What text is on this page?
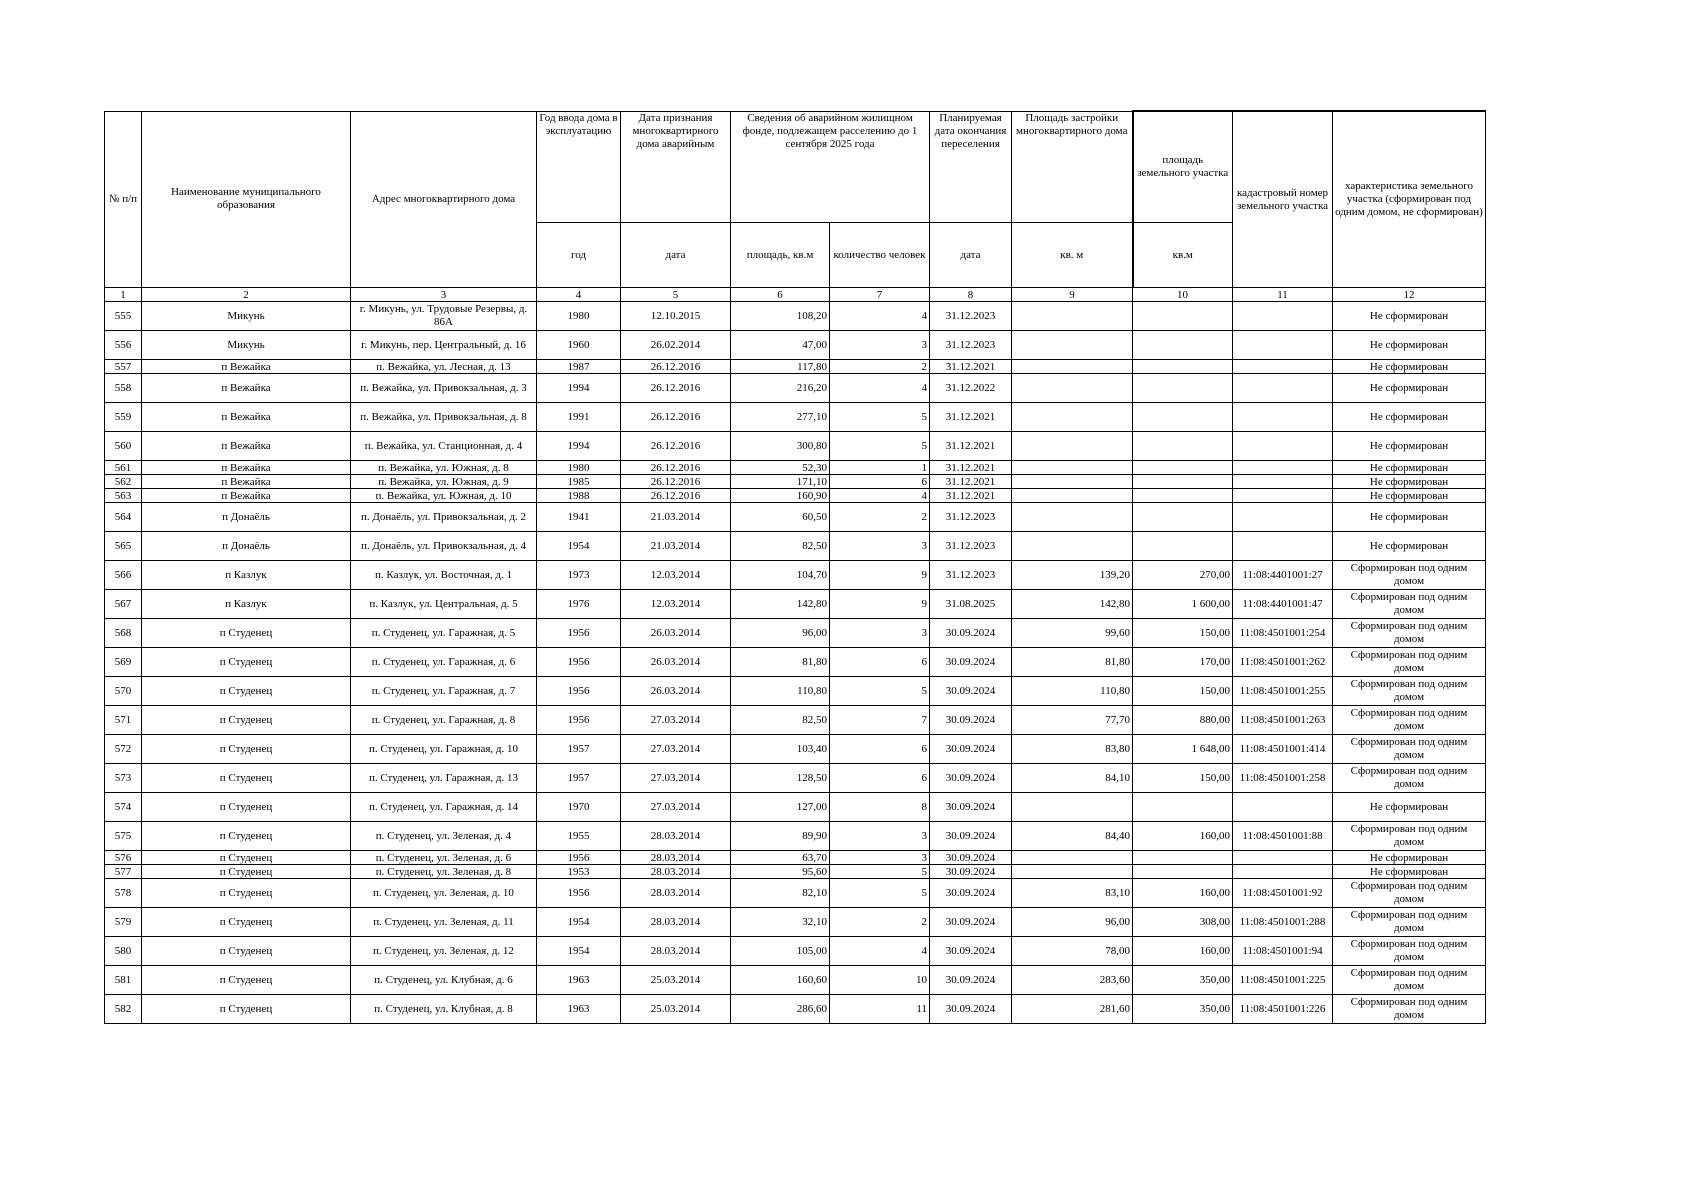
№ п/п	Наименование муниципального образования	Адрес многоквартирного дома	Год ввода дома в эксплуатацию	Дата признания многоквартирного дома аварийным	Сведения об аварийном жилищном фонде, подлежащем расселению до 1 сентября 2025 года		Планируемая дата окончания переселения	Площадь застройки многоквартирного дома	площадь земельного участка	кадастровый номер земельного участка	характеристика земельного участка (сформирован под одним домом, не сформирован)
			год	дата	площадь, кв.м	количество человек	дата	кв. м	кв.м		
1	2	3	4	5	6	7	8	9	10	11	12
555	Микунь	г. Микунь, ул. Трудовые Резервы, д. 86А	1980	12.10.2015	108,20	4	31.12.2023				Не сформирован
556	Микунь	г. Микунь, пер. Центральный, д. 16	1960	26.02.2014	47,00	3	31.12.2023				Не сформирован
557	п Вежайка	п. Вежайка, ул. Лесная, д. 13	1987	26.12.2016	117,80	2	31.12.2021				Не сформирован
558	п Вежайка	п. Вежайка, ул. Привокзальная, д. 3	1994	26.12.2016	216,20	4	31.12.2022				Не сформирован
559	п Вежайка	п. Вежайка, ул. Привокзальная, д. 8	1991	26.12.2016	277,10	5	31.12.2021				Не сформирован
560	п Вежайка	п. Вежайка, ул. Станционная, д. 4	1994	26.12.2016	300,80	5	31.12.2021				Не сформирован
561	п Вежайка	п. Вежайка, ул. Южная, д. 8	1980	26.12.2016	52,30	1	31.12.2021				Не сформирован
562	п Вежайка	п. Вежайка, ул. Южная, д. 9	1985	26.12.2016	171,10	6	31.12.2021				Не сформирован
563	п Вежайка	п. Вежайка, ул. Южная, д. 10	1988	26.12.2016	160,90	4	31.12.2021				Не сформирован
564	п Донаёль	п. Донаёль, ул. Привокзальная, д. 2	1941	21.03.2014	60,50	2	31.12.2023				Не сформирован
565	п Донаёль	п. Донаёль, ул. Привокзальная, д. 4	1954	21.03.2014	82,50	3	31.12.2023				Не сформирован
566	п Казлук	п. Казлук, ул. Восточная, д. 1	1973	12.03.2014	104,70	9	31.12.2023	139,20	270,00	11:08:4401001:27	Сформирован под одним домом
567	п Казлук	п. Казлук, ул. Центральная, д. 5	1976	12.03.2014	142,80	9	31.08.2025	142,80	1 600,00	11:08:4401001:47	Сформирован под одним домом
568	п Студенец	п. Студенец, ул. Гаражная, д. 5	1956	26.03.2014	96,00	3	30.09.2024	99,60	150,00	11:08:4501001:254	Сформирован под одним домом
569	п Студенец	п. Студенец, ул. Гаражная, д. 6	1956	26.03.2014	81,80	6	30.09.2024	81,80	170,00	11:08:4501001:262	Сформирован под одним домом
570	п Студенец	п. Студенец, ул. Гаражная, д. 7	1956	26.03.2014	110,80	5	30.09.2024	110,80	150,00	11:08:4501001:255	Сформирован под одним домом
571	п Студенец	п. Студенец, ул. Гаражная, д. 8	1956	27.03.2014	82,50	7	30.09.2024	77,70	880,00	11:08:4501001:263	Сформирован под одним домом
572	п Студенец	п. Студенец, ул. Гаражная, д. 10	1957	27.03.2014	103,40	6	30.09.2024	83,80	1 648,00	11:08:4501001:414	Сформирован под одним домом
573	п Студенец	п. Студенец, ул. Гаражная, д. 13	1957	27.03.2014	128,50	6	30.09.2024	84,10	150,00	11:08:4501001:258	Сформирован под одним домом
574	п Студенец	п. Студенец, ул. Гаражная, д. 14	1970	27.03.2014	127,00	8	30.09.2024				Не сформирован
575	п Студенец	п. Студенец, ул. Зеленая, д. 4	1955	28.03.2014	89,90	3	30.09.2024	84,40	160,00	11:08:4501001:88	Сформирован под одним домом
576	п Студенец	п. Студенец, ул. Зеленая, д. 6	1956	28.03.2014	63,70	3	30.09.2024				Не сформирован
577	п Студенец	п. Студенец, ул. Зеленая, д. 8	1953	28.03.2014	95,60	5	30.09.2024				Не сформирован
578	п Студенец	п. Студенец, ул. Зеленая, д. 10	1956	28.03.2014	82,10	5	30.09.2024	83,10	160,00	11:08:4501001:92	Сформирован под одним домом
579	п Студенец	п. Студенец, ул. Зеленая, д. 11	1954	28.03.2014	32,10	2	30.09.2024	96,00	308,00	11:08:4501001:288	Сформирован под одним домом
580	п Студенец	п. Студенец, ул. Зеленая, д. 12	1954	28.03.2014	105,00	4	30.09.2024	78,00	160,00	11:08:4501001:94	Сформирован под одним домом
581	п Студенец	п. Студенец, ул. Клубная, д. 6	1963	25.03.2014	160,60	10	30.09.2024	283,60	350,00	11:08:4501001:225	Сформирован под одним домом
582	п Студенец	п. Студенец, ул. Клубная, д. 8	1963	25.03.2014	286,60	11	30.09.2024	281,60	350,00	11:08:4501001:226	Сформирован под одним домом
